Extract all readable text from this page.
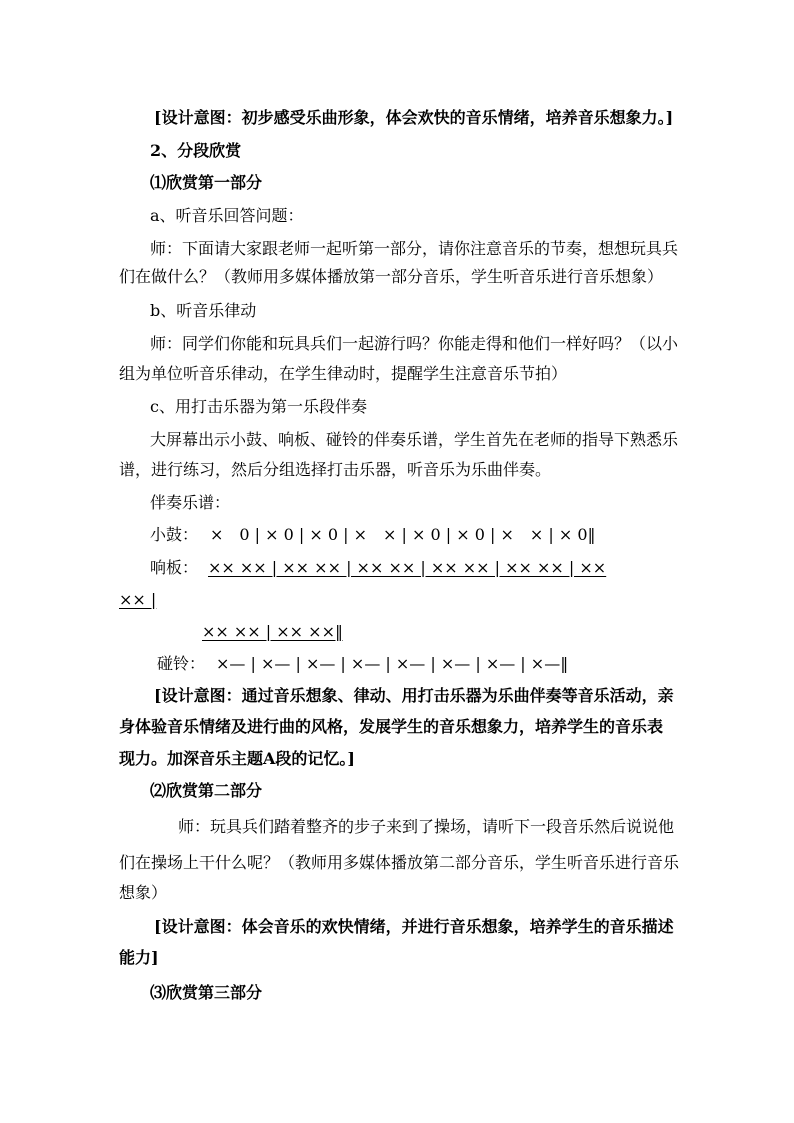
[设计意图：初步感受乐曲形象，体会欢快的音乐情绪，培养音乐想象力。]
2、分段欣赏
⑴欣赏第一部分
a、听音乐回答问题：
师：下面请大家跟老师一起听第一部分，请你注意音乐的节奏，想想玩具兵
们在做什么？（教师用多媒体播放第一部分音乐，学生听音乐进行音乐想象）
b、听音乐律动
师：同学们你能和玩具兵们一起游行吗？你能走得和他们一样好吗？（以小
组为单位听音乐律动，在学生律动时，提醒学生注意音乐节拍）
c、用打击乐器为第一乐段伴奏
大屏幕出示小鼓、响板、碰铃的伴奏乐谱，学生首先在老师的指导下熟悉乐
谱，进行练习，然后分组选择打击乐器，听音乐为乐曲伴奏。
伴奏乐谱：
小鼓： ×　0 | × 0 | × 0 | ×　× | × 0 | × 0 | ×　× | × 0‖
响板： ×× ×× | ×× ×× | ×× ×× | ×× ×× | ×× ×× | ××
×× |
×× ×× | ×× ××‖
碰铃： ×— | ×— | ×— | ×— | ×— | ×— | ×— | ×—‖
[设计意图：通过音乐想象、律动、用打击乐器为乐曲伴奏等音乐活动，亲
身体验音乐情绪及进行曲的风格，发展学生的音乐想象力，培养学生的音乐表
现力。加深音乐主题A段的记忆。]
⑵欣赏第二部分
师：玩具兵们踏着整齐的步子来到了操场，请听下一段音乐然后说说他
们在操场上干什么呢？（教师用多媒体播放第二部分音乐，学生听音乐进行音乐
想象）
[设计意图：体会音乐的欢快情绪，并进行音乐想象，培养学生的音乐描述
能力]
⑶欣赏第三部分
